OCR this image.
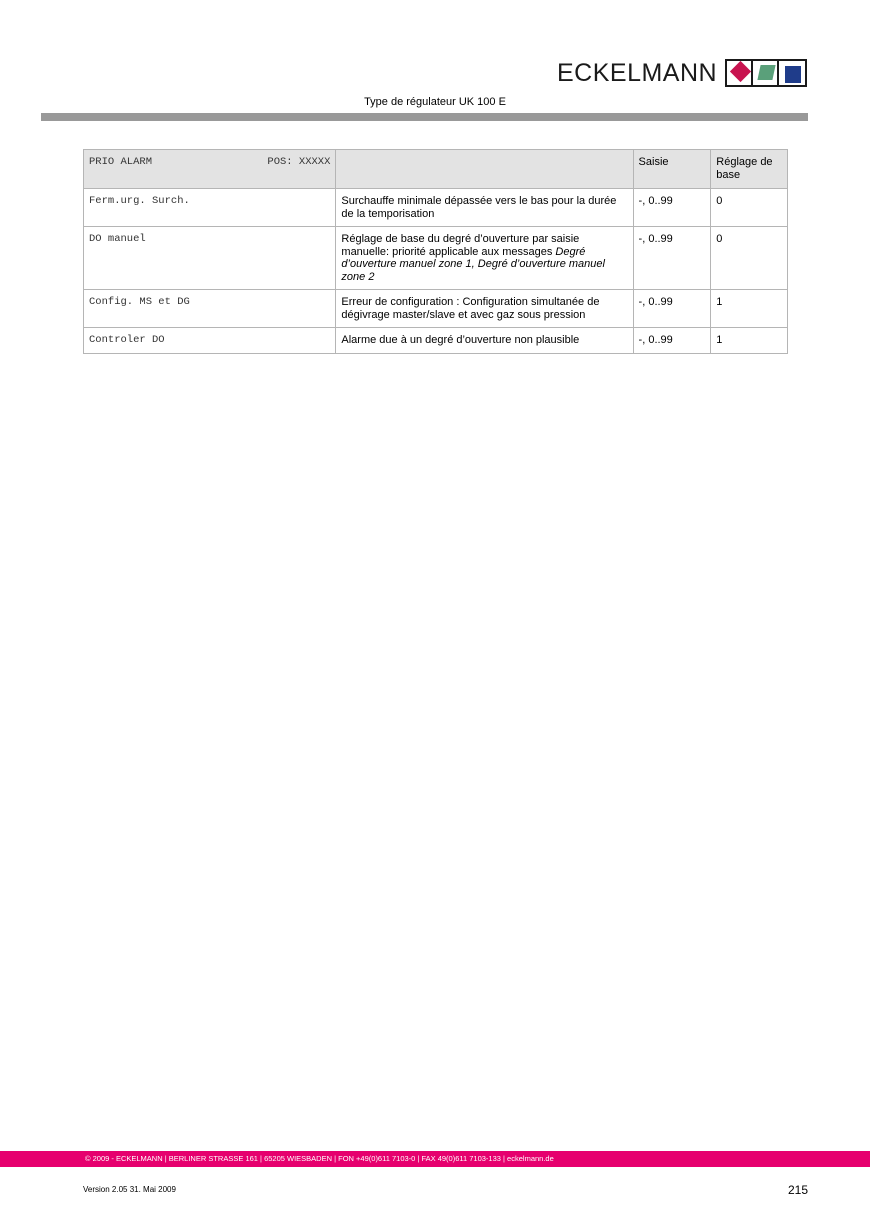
ECKELMANN
Type de régulateur UK 100 E
PRIO ALARM POS: XXXXX		Saisie	Réglage de base
Ferm.urg. Surch.	Surchauffe minimale dépassée vers le bas pour la durée de la temporisation	-, 0..99	0
DO manuel	Réglage de base du degré d’ouverture par saisie manuelle: priorité applicable aux messages Degré d’ouverture manuel zone 1, Degré d’ouverture manuel zone 2	-, 0..99	0
Config. MS et DG	Erreur de configuration : Configuration simultanée de dégivrage master/slave et avec gaz sous pression	-, 0..99	1
Controler DO	Alarme due à un degré d’ouverture non plausible	-, 0..99	1
© 2009 - ECKELMANN | BERLINER STRASSE 161 | 65205 WIESBADEN | FON +49(0)611 7103-0 | FAX 49(0)611 7103-133 | eckelmann.de
Version 2.05 31. Mai 2009	215
